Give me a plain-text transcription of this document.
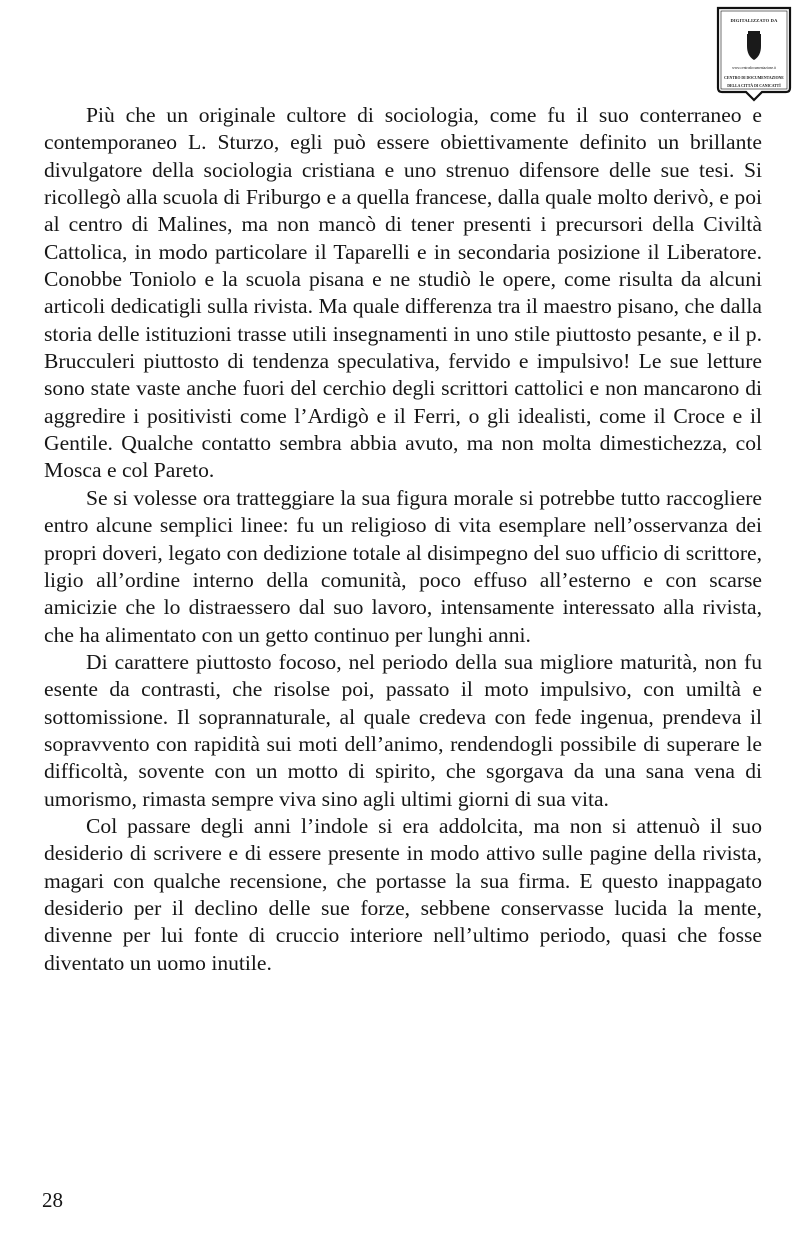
DIGITALIZZATO DA
www.centrodocumentazione.it
CENTRO DI DOCUMENTAZIONE
DELLA CITTÀ DI CANICATTÌ

Più che un originale cultore di sociologia, come fu il suo conterraneo e contemporaneo L. Sturzo, egli può essere obiettivamente definito un brillante divulgatore della sociologia cristiana e uno strenuo difensore delle sue tesi. Si ricollegò alla scuola di Friburgo e a quella francese, dalla quale molto derivò, e poi al centro di Malines, ma non mancò di tener presenti i precursori della Civiltà Cattolica, in modo particolare il Taparelli e in secondaria posizione il Liberatore. Conobbe Toniolo e la scuola pisana e ne studiò le opere, come risulta da alcuni articoli dedicatigli sulla rivista. Ma quale differenza tra il maestro pisano, che dalla storia delle istituzioni trasse utili insegnamenti in uno stile piuttosto pesante, e il p. Brucculeri piuttosto di tendenza speculativa, fervido e impulsivo! Le sue letture sono state vaste anche fuori del cerchio degli scrittori cattolici e non mancarono di aggredire i positivisti come l’Ardigò e il Ferri, o gli idealisti, come il Croce e il Gentile. Qualche contatto sembra abbia avuto, ma non molta dimestichezza, col Mosca e col Pareto.

Se si volesse ora tratteggiare la sua figura morale si potrebbe tutto raccogliere entro alcune semplici linee: fu un religioso di vita esemplare nell’osservanza dei propri doveri, legato con dedizione totale al disimpegno del suo ufficio di scrittore, ligio all’ordine interno della comunità, poco effuso all’esterno e con scarse amicizie che lo distraessero dal suo lavoro, intensamente interessato alla rivista, che ha alimentato con un getto continuo per lunghi anni.

Di carattere piuttosto focoso, nel periodo della sua migliore maturità, non fu esente da contrasti, che risolse poi, passato il moto impulsivo, con umiltà e sottomissione. Il soprannaturale, al quale credeva con fede ingenua, prendeva il sopravvento con rapidità sui moti dell’animo, rendendogli possibile di superare le difficoltà, sovente con un motto di spirito, che sgorgava da una sana vena di umorismo, rimasta sempre viva sino agli ultimi giorni di sua vita.

Col passare degli anni l’indole si era addolcita, ma non si attenuò il suo desiderio di scrivere e di essere presente in modo attivo sulle pagine della rivista, magari con qualche recensione, che portasse la sua firma. E questo inappagato desiderio per il declino delle sue forze, sebbene conservasse lucida la mente, divenne per lui fonte di cruccio interiore nell’ultimo periodo, quasi che fosse diventato un uomo inutile.

28
